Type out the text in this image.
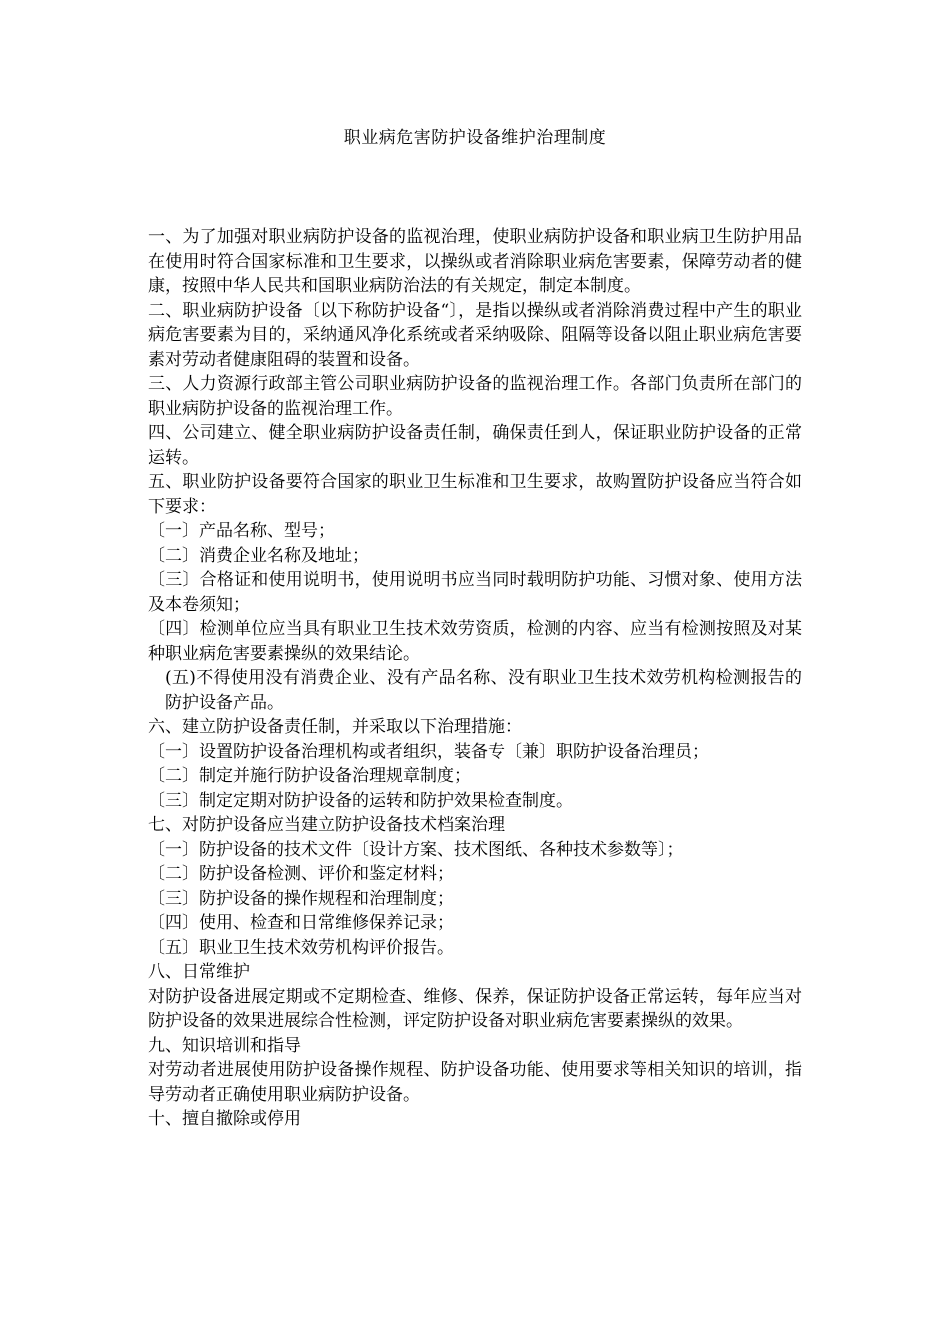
职业病危害防护设备维护治理制度

一、为了加强对职业病防护设备的监视治理，使职业病防护设备和职业病卫生防护用品在使用时符合国家标准和卫生要求，以操纵或者消除职业病危害要素，保障劳动者的健康，按照中华人民共和国职业病防治法的有关规定，制定本制度。

二、职业病防护设备〔以下称防护设备“〕，是指以操纵或者消除消费过程中产生的职业病危害要素为目的，采纳通风净化系统或者采纳吸除、阻隔等设备以阻止职业病危害要素对劳动者健康阻碍的装置和设备。

三、人力资源行政部主管公司职业病防护设备的监视治理工作。各部门负责所在部门的职业病防护设备的监视治理工作。

四、公司建立、健全职业病防护设备责任制，确保责任到人，保证职业防护设备的正常运转。

五、职业防护设备要符合国家的职业卫生标准和卫生要求，故购置防护设备应当符合如下要求：

〔一〕产品名称、型号；

〔二〕消费企业名称及地址；

〔三〕合格证和使用说明书，使用说明书应当同时载明防护功能、习惯对象、使用方法及本卷须知；

〔四〕检测单位应当具有职业卫生技术效劳资质，检测的内容、应当有检测按照及对某种职业病危害要素操纵的效果结论。

(五)不得使用没有消费企业、没有产品名称、没有职业卫生技术效劳机构检测报告的防护设备产品。

六、建立防护设备责任制，并采取以下治理措施：

〔一〕设置防护设备治理机构或者组织，装备专〔兼〕职防护设备治理员；

〔二〕制定并施行防护设备治理规章制度；

〔三〕制定定期对防护设备的运转和防护效果检查制度。

七、对防护设备应当建立防护设备技术档案治理

〔一〕防护设备的技术文件〔设计方案、技术图纸、各种技术参数等〕；

〔二〕防护设备检测、评价和鉴定材料；

〔三〕防护设备的操作规程和治理制度；

〔四〕使用、检查和日常维修保养记录；

〔五〕职业卫生技术效劳机构评价报告。

八、日常维护

对防护设备进展定期或不定期检查、维修、保养，保证防护设备正常运转，每年应当对防护设备的效果进展综合性检测，评定防护设备对职业病危害要素操纵的效果。

九、知识培训和指导

对劳动者进展使用防护设备操作规程、防护设备功能、使用要求等相关知识的培训，指导劳动者正确使用职业病防护设备。

十、擅自撤除或停用
